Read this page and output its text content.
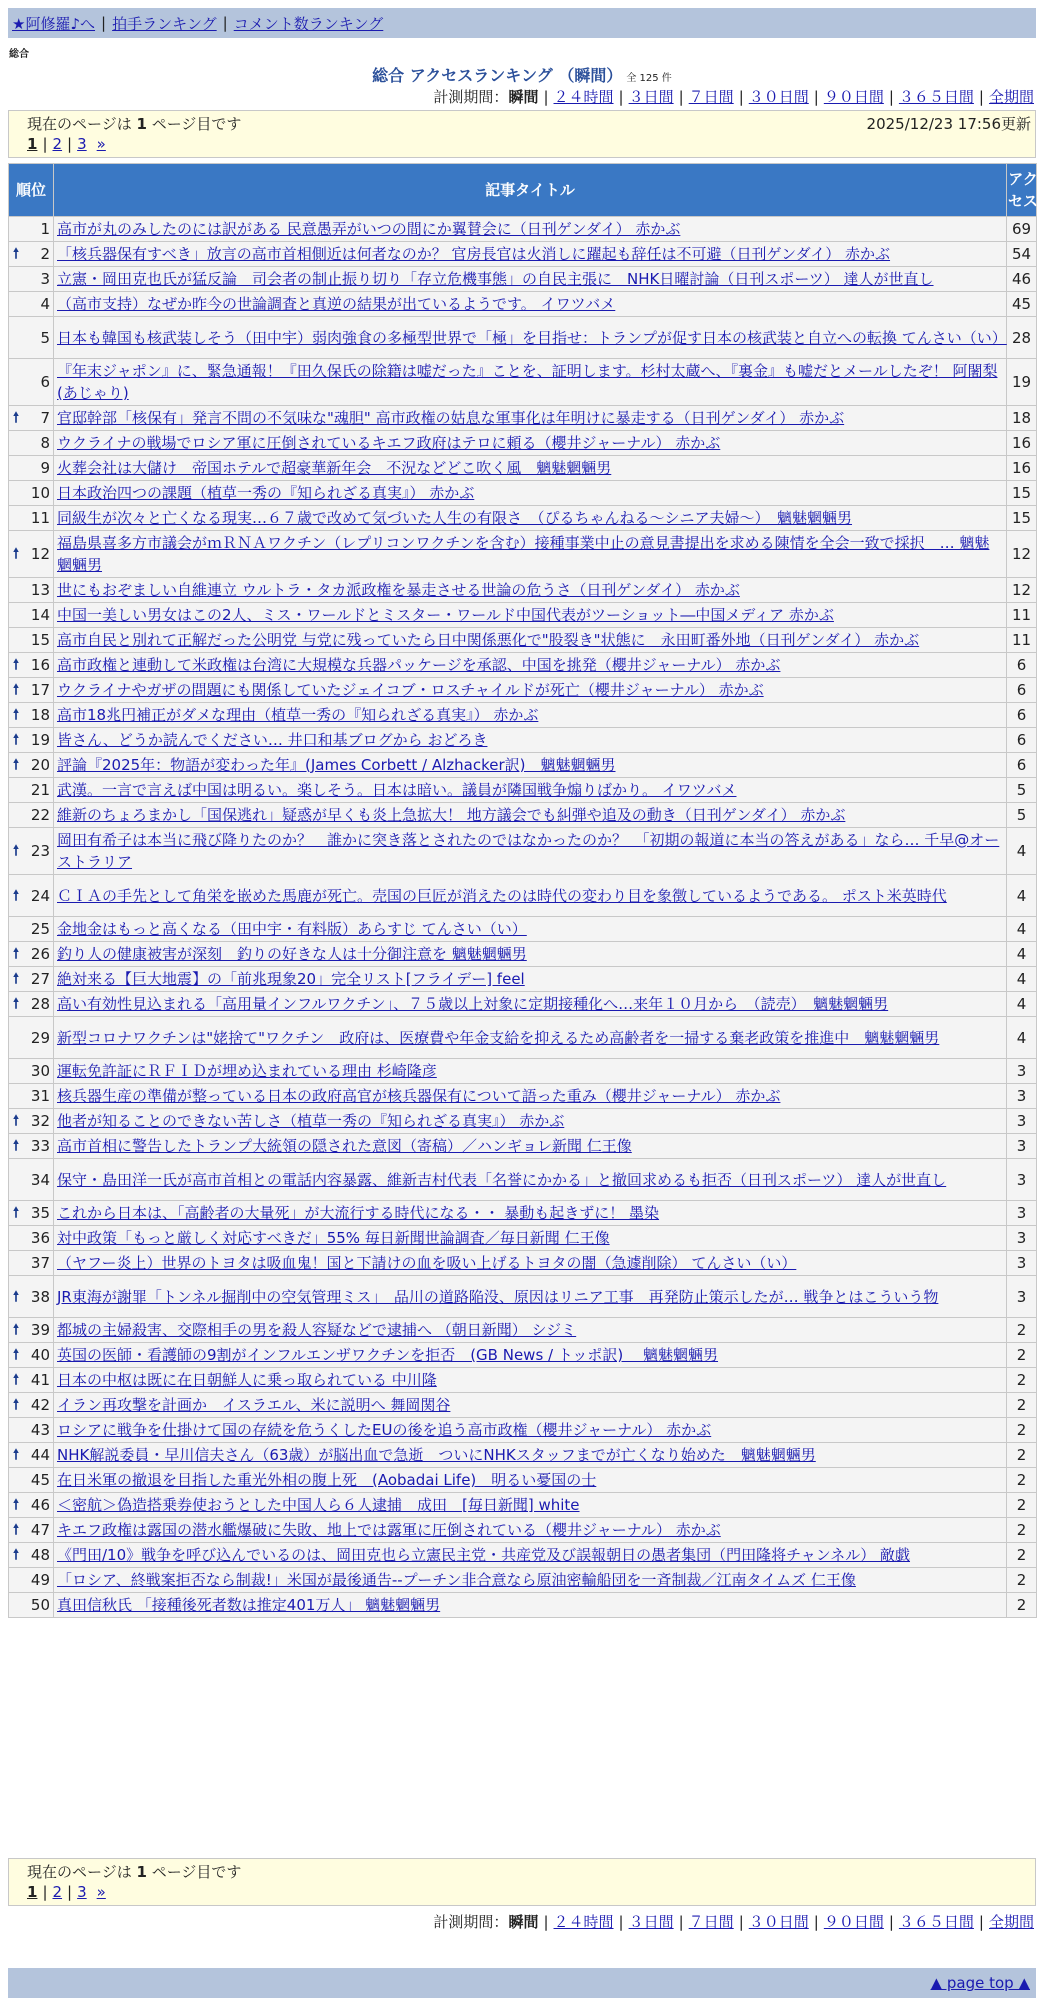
★阿修羅♪へ | 拍手ランキング | コメント数ランキング
総合
総合 アクセスランキング （瞬間） 全 125 件
計測期間：瞬間 | ２４時間 | ３日間 | ７日間 | ３０日間 | ９０日間 | ３６５日間 | 全期間
現在のページは 1 ページ目です	2025/12/23 17:56更新
1 | 2 | 3 »
順位	記事タイトル	アクセス
1	高市が丸のみしたのには訳がある 民意愚弄がいつの間にか翼賛会に（日刊ゲンダイ） 赤かぶ	69

🠕 2	「核兵器保有すべき」放言の高市首相側近は何者なのか？ 官房長官は火消しに躍起も辞任は不可避（日刊ゲンダイ） 赤かぶ	54
3	立憲・岡田克也氏が猛反論　司会者の制止振り切り「存立危機事態」の自民主張に　NHK日曜討論（日刊スポーツ） 達人が世直し	46
4	（高市支持）なぜか昨今の世論調査と真逆の結果が出ているようです。 イワツバメ	45
5	日本も韓国も核武装しそう（田中宇）弱肉強食の多極型世界で「極」を目指せ：トランプが促す日本の核武装と自立への転換 てんさい（い）	28
6	『年末ジャポン』に、緊急通報！『田久保氏の除籍は嘘だった』ことを、証明します。杉村太蔵へ、『裏金』も嘘だとメールしたぞ！ 阿闍梨(あじゃり)	19

🠕 7	官邸幹部「核保有」発言不問の不気味な"魂胆" 高市政権の姑息な軍事化は年明けに暴走する（日刊ゲンダイ） 赤かぶ	18
8	ウクライナの戦場でロシア軍に圧倒されているキエフ政府はテロに頼る（櫻井ジャーナル） 赤かぶ	16
9	火葬会社は大儲け　帝国ホテルで超豪華新年会　不況などどこ吹く風　魑魅魍魎男	16
10	日本政治四つの課題（植草一秀の『知られざる真実』） 赤かぶ	15
11	同級生が次々と亡くなる現実…６７歳で改めて気づいた人生の有限さ　（ぴるちゃんねる～シニア夫婦～）　魑魅魍魎男	15

🠕 12	福島県喜多方市議会がｍＲＮＡワクチン（レプリコンワクチンを含む）接種事業中止の意見書提出を求める陳情を全会一致で採択　… 魑魅魍魎男	12
13	世にもおぞましい自維連立 ウルトラ・タカ派政権を暴走させる世論の危うさ（日刊ゲンダイ） 赤かぶ	12
14	中国一美しい男女はこの2人、ミス・ワールドとミスター・ワールド中国代表がツーショット―中国メディア 赤かぶ	11
15	高市自民と別れて正解だった公明党 与党に残っていたら日中関係悪化で"股裂き"状態に　永田町番外地（日刊ゲンダイ） 赤かぶ	11

🠕 16	高市政権と連動して米政権は台湾に大規模な兵器パッケージを承認、中国を挑発（櫻井ジャーナル） 赤かぶ	6

🠕 17	ウクライナやガザの問題にも関係していたジェイコブ・ロスチャイルドが死亡（櫻井ジャーナル） 赤かぶ	6

🠕 18	高市18兆円補正がダメな理由（植草一秀の『知られざる真実』） 赤かぶ	6

🠕 19	皆さん、どうか読んでください… 井口和基ブログから おどろき	6

🠕 20	評論『2025年：物語が変わった年』(James Corbett / Alzhacker訳)　魑魅魍魎男	6
21	武漢。一言で言えば中国は明るい。楽しそう。日本は暗い。議員が隣国戦争煽りばかり。 イワツバメ	5
22	維新のちょろまかし「国保逃れ」疑惑が早くも炎上急拡大！ 地方議会でも糾弾や追及の動き（日刊ゲンダイ） 赤かぶ	5

🠕 23	岡田有希子は本当に飛び降りたのか？　誰かに突き落とされたのではなかったのか？　「初期の報道に本当の答えがある」なら… 千早@オーストラリア	4

🠕 24	ＣＩＡの手先として角栄を嵌めた馬鹿が死亡。売国の巨匠が消えたのは時代の変わり目を象徴しているようである。 ポスト米英時代	4
25	金地金はもっと高くなる（田中宇・有料版）あらすじ てんさい（い）	4

🠕 26	釣り人の健康被害が深刻　釣りの好きな人は十分御注意を 魑魅魍魎男	4

🠕 27	絶対来る【巨大地震】の「前兆現象20」完全リスト[フライデー] feel	4

🠕 28	高い有効性見込まれる「高用量インフルワクチン」、７５歳以上対象に定期接種化へ…来年１０月から　（読売）　魑魅魍魎男	4
29	新型コロナワクチンは"姥捨て"ワクチン　政府は、医療費や年金支給を抑えるため高齢者を一掃する棄老政策を推進中　魑魅魍魎男	4
30	運転免許証にＲＦＩＤが埋め込まれている理由 杉崎隆彦	3
31	核兵器生産の準備が整っている日本の政府高官が核兵器保有について語った重み（櫻井ジャーナル） 赤かぶ	3

🠕 32	他者が知ることのできない苦しさ（植草一秀の『知られざる真実』） 赤かぶ	3

🠕 33	高市首相に警告したトランプ大統領の隠された意図（寄稿）／ハンギョレ新聞 仁王像	3
34	保守・島田洋一氏が高市首相との電話内容暴露、維新吉村代表「名誉にかかる」と撤回求めるも拒否（日刊スポーツ） 達人が世直し	3

🠕 35	これから日本は、「高齢者の大量死」が大流行する時代になる・・ 暴動も起きずに！ 墨染	3
36	対中政策「もっと厳しく対応すべきだ」55% 毎日新聞世論調査／毎日新聞 仁王像	3
37	（ヤフー炎上）世界のトヨタは吸血鬼！国と下請けの血を吸い上げるトヨタの闇（急遽削除） てんさい（い）	3

🠕 38	JR東海が謝罪「トンネル掘削中の空気管理ミス」　品川の道路陥没、原因はリニア工事　再発防止策示したが… 戦争とはこういう物	3

🠕 39	都城の主婦殺害、交際相手の男を殺人容疑などで逮捕へ （朝日新聞） シジミ	2

🠕 40	英国の医師・看護師の9割がインフルエンザワクチンを拒否　(GB News / トッポ訳)　 魑魅魍魎男	2

🠕 41	日本の中枢は既に在日朝鮮人に乗っ取られている 中川隆	2

🠕 42	イラン再攻撃を計画か　イスラエル、米に説明へ 舞岡関谷	2
43	ロシアに戦争を仕掛けて国の存続を危うくしたEUの後を追う高市政権（櫻井ジャーナル） 赤かぶ	2

🠕 44	NHK解説委員・早川信夫さん（63歳）が脳出血で急逝　ついにNHKスタッフまでが亡くなり始めた　魑魅魍魎男	2
45	在日米軍の撤退を目指した重光外相の腹上死　(Aobadai Life)　明るい憂国の士	2

🠕 46	＜密航＞偽造搭乗券使おうとした中国人ら６人逮捕　成田　[毎日新聞] white	2

🠕 47	キエフ政権は露国の潜水艦爆破に失敗、地上では露軍に圧倒されている（櫻井ジャーナル） 赤かぶ	2

🠕 48	《門田/10》戦争を呼び込んでいるのは、岡田克也ら立憲民主党・共産党及び誤報朝日の愚者集団（門田隆将チャンネル） 敵戯	2
49	「ロシア、終戦案拒否なら制裁!」米国が最後通告--プーチン非合意なら原油密輸船団を一斉制裁／江南タイムズ 仁王像	2
50	真田信秋氏 「接種後死者数は推定401万人」 魑魅魍魎男	2
現在のページは 1 ページ目です
1 | 2 | 3 »
計測期間：瞬間 | ２４時間 | ３日間 | ７日間 | ３０日間 | ９０日間 | ３６５日間 | 全期間
▲ page top ▲
